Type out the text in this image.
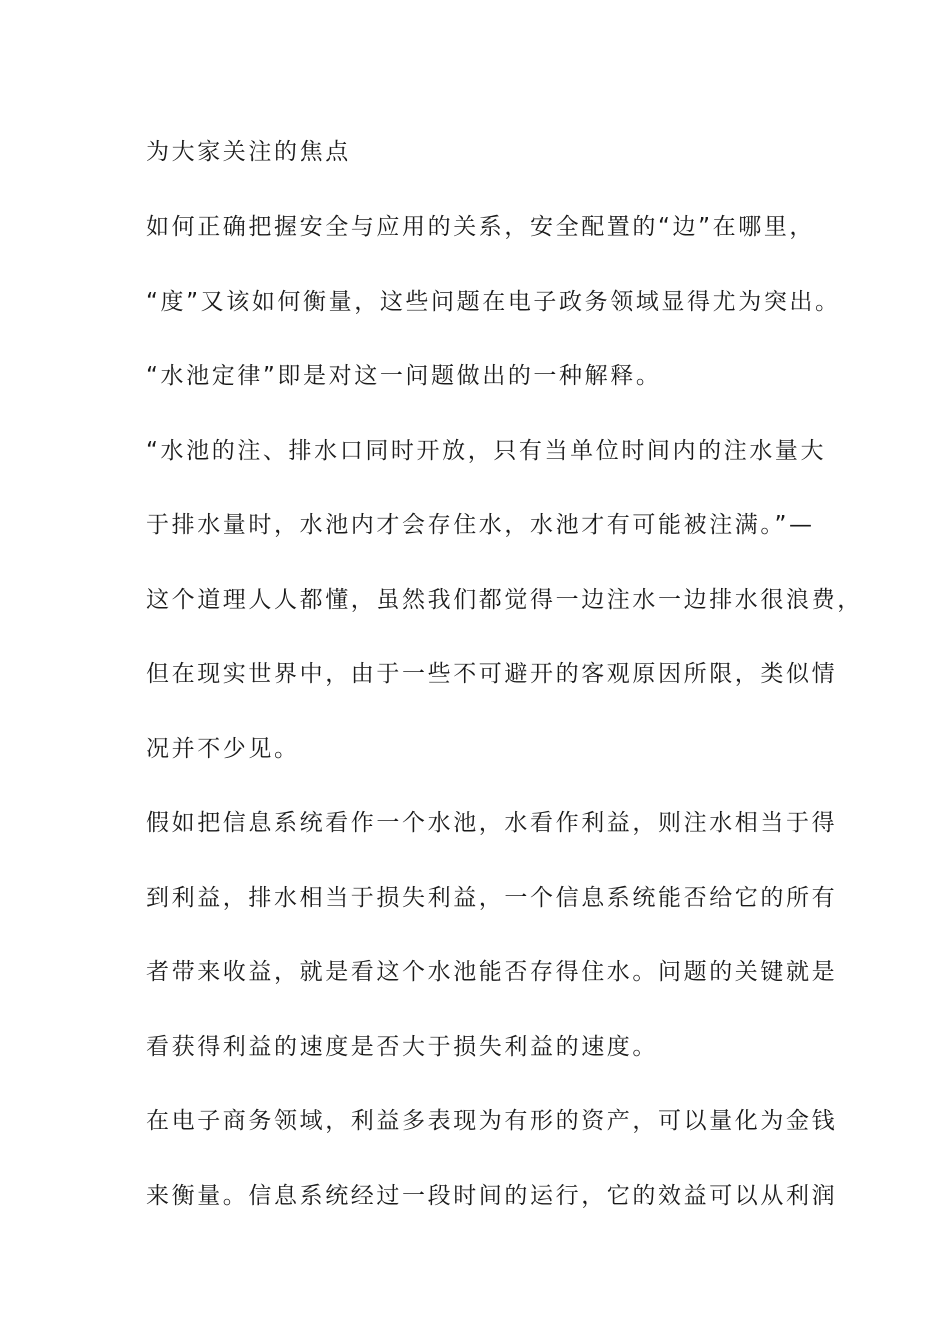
为大家关注的焦点
如何正确把握安全与应用的关系，安全配置的“边”在哪里，
“度”又该如何衡量，这些问题在电子政务领域显得尤为突出。
“水池定律”即是对这一问题做出的一种解释。
“水池的注、排水口同时开放，只有当单位时间内的注水量大
于排水量时，水池内才会存住水，水池才有可能被注满。”—
这个道理人人都懂，虽然我们都觉得一边注水一边排水很浪费，
但在现实世界中，由于一些不可避开的客观原因所限，类似情
况并不少见。
假如把信息系统看作一个水池，水看作利益，则注水相当于得
到利益，排水相当于损失利益，一个信息系统能否给它的所有
者带来收益，就是看这个水池能否存得住水。问题的关键就是
看获得利益的速度是否大于损失利益的速度。
在电子商务领域，利益多表现为有形的资产，可以量化为金钱
来衡量。信息系统经过一段时间的运行，它的效益可以从利润
